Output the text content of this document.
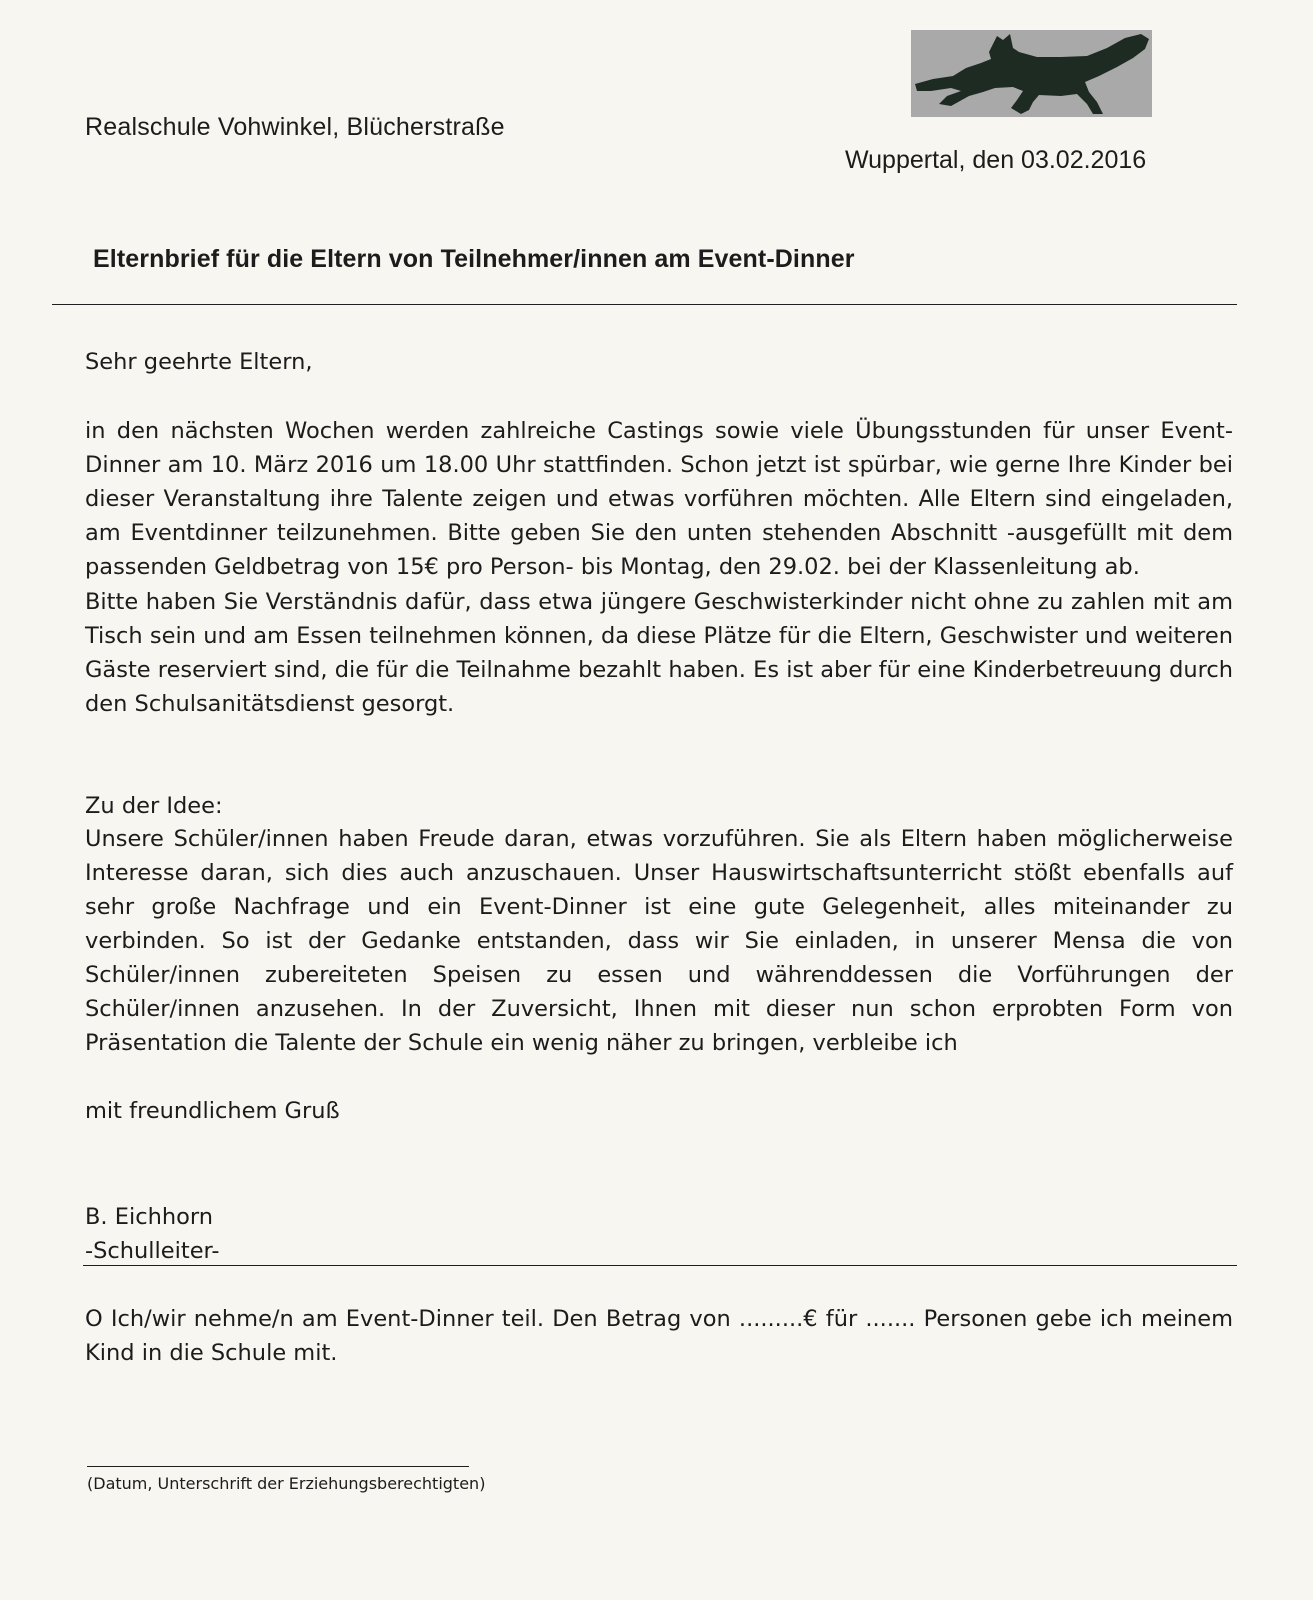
Realschule Vohwinkel, Blücherstraße
Wuppertal, den 03.02.2016
Elternbrief für die Eltern von Teilnehmer/innen am Event-Dinner

Sehr geehrte Eltern,

in den nächsten Wochen werden zahlreiche Castings sowie viele Übungsstunden für unser Event-Dinner am 10. März 2016 um 18.00 Uhr stattfinden. Schon jetzt ist spürbar, wie gerne Ihre Kinder bei dieser Veranstaltung ihre Talente zeigen und etwas vorführen möchten. Alle Eltern sind eingeladen, am Eventdinner teilzunehmen. Bitte geben Sie den unten stehenden Abschnitt -ausgefüllt mit dem passenden Geldbetrag von 15€ pro Person- bis Montag, den 29.02. bei der Klassenleitung ab.

Bitte haben Sie Verständnis dafür, dass etwa jüngere Geschwisterkinder nicht ohne zu zahlen mit am Tisch sein und am Essen teilnehmen können, da diese Plätze für die Eltern, Geschwister und weiteren Gäste reserviert sind, die für die Teilnahme bezahlt haben. Es ist aber für eine Kinderbetreuung durch den Schulsanitätsdienst gesorgt.

Zu der Idee:

Unsere Schüler/innen haben Freude daran, etwas vorzuführen. Sie als Eltern haben möglicherweise Interesse daran, sich dies auch anzuschauen. Unser Hauswirtschaftsunterricht stößt ebenfalls auf sehr große Nachfrage und ein Event-Dinner ist eine gute Gelegenheit, alles miteinander zu verbinden. So ist der Gedanke entstanden, dass wir Sie einladen, in unserer Mensa die von Schüler/innen zubereiteten Speisen zu essen und währenddessen die Vorführungen der Schüler/innen anzusehen. In der Zuversicht, Ihnen mit dieser nun schon erprobten Form von Präsentation die Talente der Schule ein wenig näher zu bringen, verbleibe ich

mit freundlichem Gruß

B. Eichhorn

-Schulleiter-

O Ich/wir nehme/n am Event-Dinner teil. Den Betrag von .........€ für ....... Personen gebe ich meinem Kind in die Schule mit.

(Datum, Unterschrift der Erziehungsberechtigten)
